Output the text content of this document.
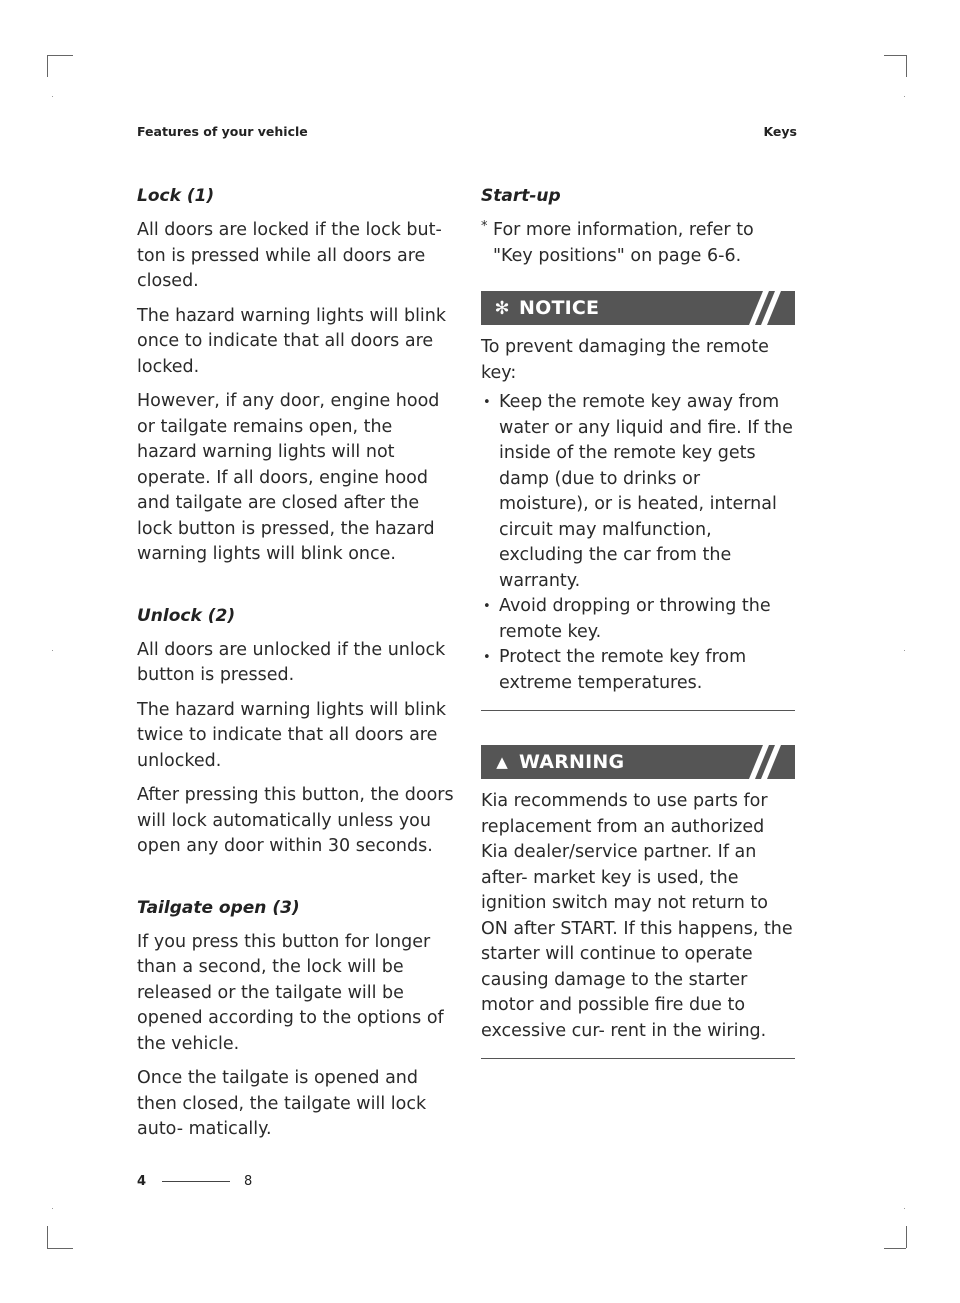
Features of your vehicle	Keys
Lock (1)

All doors are locked if the lock but- ton is pressed while all doors are closed.

The hazard warning lights will blink once to indicate that all doors are locked.

However, if any door, engine hood or tailgate remains open, the hazard warning lights will not operate. If all doors, engine hood and tailgate are closed after the lock button is pressed, the hazard warning lights will blink once.

Unlock (2)

All doors are unlocked if the unlock button is pressed.

The hazard warning lights will blink twice to indicate that all doors are unlocked.

After pressing this button, the doors will lock automatically unless you open any door within 30 seconds.

Tailgate open (3)

If you press this button for longer than a second, the lock will be released or the tailgate will be opened according to the options of the vehicle.

Once the tailgate is opened and then closed, the tailgate will lock auto- matically.

Start-up
* For more information, refer to "Key positions" on page 6-6.
✻ NOTICE

To prevent damaging the remote key:

• Keep the remote key away from water or any liquid and fire. If the inside of the remote key gets damp (due to drinks or moisture), or is heated, internal circuit may malfunction, excluding the car from the warranty.
• Avoid dropping or throwing the remote key.
• Protect the remote key from extreme temperatures.
▲ WARNING

Kia recommends to use parts for replacement from an authorized Kia dealer/service partner. If an after- market key is used, the ignition switch may not return to ON after START. If this happens, the starter will continue to operate causing damage to the starter motor and possible fire due to excessive cur- rent in the wiring.

4	8
